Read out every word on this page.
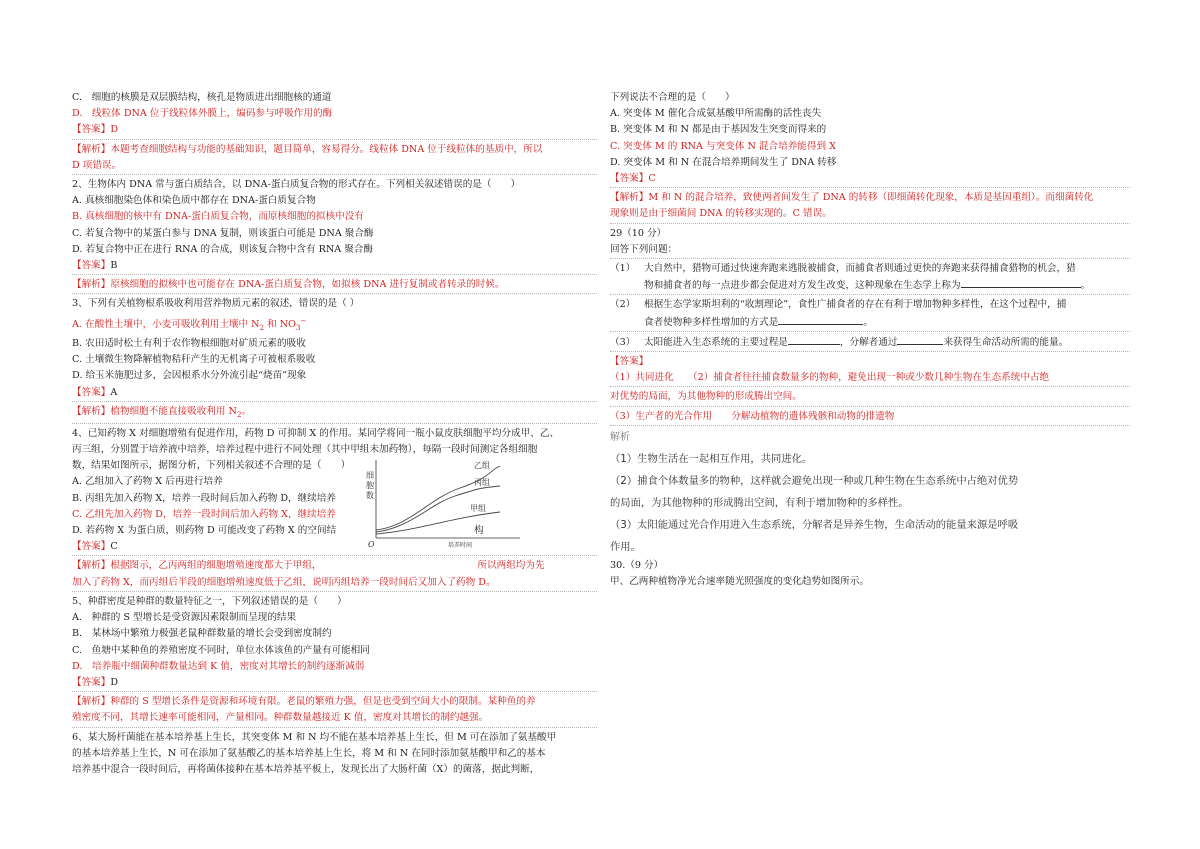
C.　细胞的核膜是双层膜结构，核孔是物质进出细胞核的通道
D.　线粒体 DNA 位于线粒体外膜上，编码参与呼吸作用的酶
【答案】D
【解析】本题考查细胞结构与功能的基础知识，题目简单，容易得分。线粒体 DNA 位于线粒体的基质中，所以
D 项错误。
2、生物体内 DNA 常与蛋白质结合，以 DNA-蛋白质复合物的形式存在。下列相关叙述错误的是（　　）
A. 真核细胞染色体和染色质中都存在 DNA-蛋白质复合物
B. 真核细胞的核中有 DNA-蛋白质复合物，而原核细胞的拟核中没有
C. 若复合物中的某蛋白参与 DNA 复制，则该蛋白可能是 DNA 聚合酶
D. 若复合物中正在进行 RNA 的合成，则该复合物中含有 RNA 聚合酶
【答案】B
【解析】原核细胞的拟核中也可能存在 DNA-蛋白质复合物，如拟核 DNA 进行复制或者转录的时候。
3、下列有关植物根系吸收利用营养物质元素的叙述，错误的是（ ）
A. 在酸性土壤中，小麦可吸收利用土壤中 $N_2$ 和 $NO_3^-$
B. 农田适时松土有利于农作物根细胞对矿质元素的吸收
C. 土壤微生物降解植物秸秆产生的无机离子可被根系吸收
D. 给玉米施肥过多，会因根系水分外流引起“烧苗”现象
【答案】A
【解析】植物细胞不能直接吸收利用 $N_2$。
4、已知药物 X 对细胞增殖有促进作用，药物 D 可抑制 X 的作用。某同学将同一瓶小鼠皮肤细胞平均分成甲、乙、
丙三组，分别置于培养液中培养，培养过程中进行不同处理（其中甲组未加药物），每隔一段时间测定各组细胞
数，结果如图所示，据图分析，下列相关叙述不合理的是（　　）
A. 乙组加入了药物 X 后再进行培养
B. 丙组先加入药物 X，培养一段时间后加入药物 D，继续培养
C. 乙组先加入药物 D，培养一段时间后加入药物 X，继续培养
D. 若药物 X 为蛋白质，则药物 D 可能改变了药物 X 的空间结	构
【答案】C
【解析】根据图示，乙丙两组的细胞增殖速度都大于甲组，	所以两组均为先
加入了药物 X，而丙组后半段的细胞增殖速度低于乙组，说明丙组培养一段时间后又加入了药物 D。
5、种群密度是种群的数量特征之一，下列叙述错误的是（　　）
A.　种群的 S 型增长是受资源因素限制而呈现的结果
B.　某林场中繁殖力极强老鼠种群数量的增长会受到密度制约
C.　鱼塘中某种鱼的养殖密度不同时，单位水体该鱼的产量有可能相同
D.　培养瓶中细菌种群数量达到 K 值，密度对其增长的制约逐渐减弱
【答案】D
【解析】种群的 S 型增长条件是资源和环境有限。老鼠的繁殖力强，但是也受到空间大小的限制。某种鱼的养
殖密度不同，其增长速率可能相同，产量相同。种群数量越接近 K 值，密度对其增长的制约越强。
6、某大肠杆菌能在基本培养基上生长，其突变体 M 和 N 均不能在基本培养基上生长，但 M 可在添加了氨基酸甲
的基本培养基上生长，N 可在添加了氨基酸乙的基本培养基上生长，将 M 和 N 在同时添加氨基酸甲和乙的基本
培养基中混合一段时间后，再将菌体接种在基本培养基平板上，发现长出了大肠杆菌（X）的菌落，据此判断，
细
胞
数
O	培养时间
乙组
丙组
甲组
下列说法不合理的是（　　）
A. 突变体 M 催化合成氨基酸甲所需酶的活性丧失
B. 突变体 M 和 N 都是由于基因发生突变而得来的
C. 突变体 M 的 RNA 与突变体 N 混合培养能得到 X
D. 突变体 M 和 N 在混合培养期间发生了 DNA 转移
【答案】C
【解析】M 和 N 的混合培养，致使两者间发生了 DNA 的转移（即细菌转化现象，本质是基因重组）。而细菌转化
现象则是由于细菌间 DNA 的转移实现的。C 错误。
29（10 分）
回答下列问题：
（1） 大自然中，猎物可通过快速奔跑来逃脱被捕食，而捕食者则通过更快的奔跑来获得捕食猎物的机会，猎
物和捕食者的每一点进步都会促进对方发生改变，这种现象在生态学上称为	。
（2） 根据生态学家斯坦利的“收割理论”，食性广捕食者的存在有利于增加物种多样性，在这个过程中，捕
食者使物种多样性增加的方式是	。
（3） 太阳能进入生态系统的主要过程是	，分解者通过	来获得生命活动所需的能量。
【答案】
（1）共同进化　　（2）捕食者往往捕食数量多的物种，避免出现一种或少数几种生物在生态系统中占绝
对优势的局面，为其他物种的形成腾出空间。
（3）生产者的光合作用　　分解动植物的遗体残骸和动物的排遗物
解析
（1）生物生活在一起相互作用，共同进化。
（2）捕食个体数量多的物种，这样就会避免出现一种或几种生物在生态系统中占绝对优势
的局面，为其他物种的形成腾出空间，有利于增加物种的多样性。
（3）太阳能通过光合作用进入生态系统，分解者是异养生物，生命活动的能量来源是呼吸
作用。
30.（9 分）
甲、乙两种植物净光合速率随光照强度的变化趋势如图所示。
